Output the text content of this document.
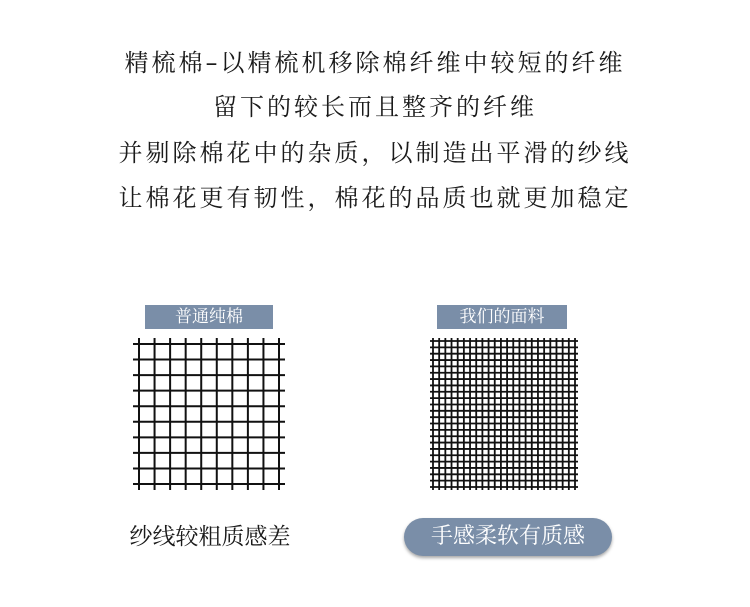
精梳棉–以精梳机移除棉纤维中较短的纤维
留下的较长而且整齐的纤维
并剔除棉花中的杂质，以制造出平滑的纱线
让棉花更有韧性，棉花的品质也就更加稳定
普通纯棉
纱线较粗质感差
我们的面料
手感柔软有质感
